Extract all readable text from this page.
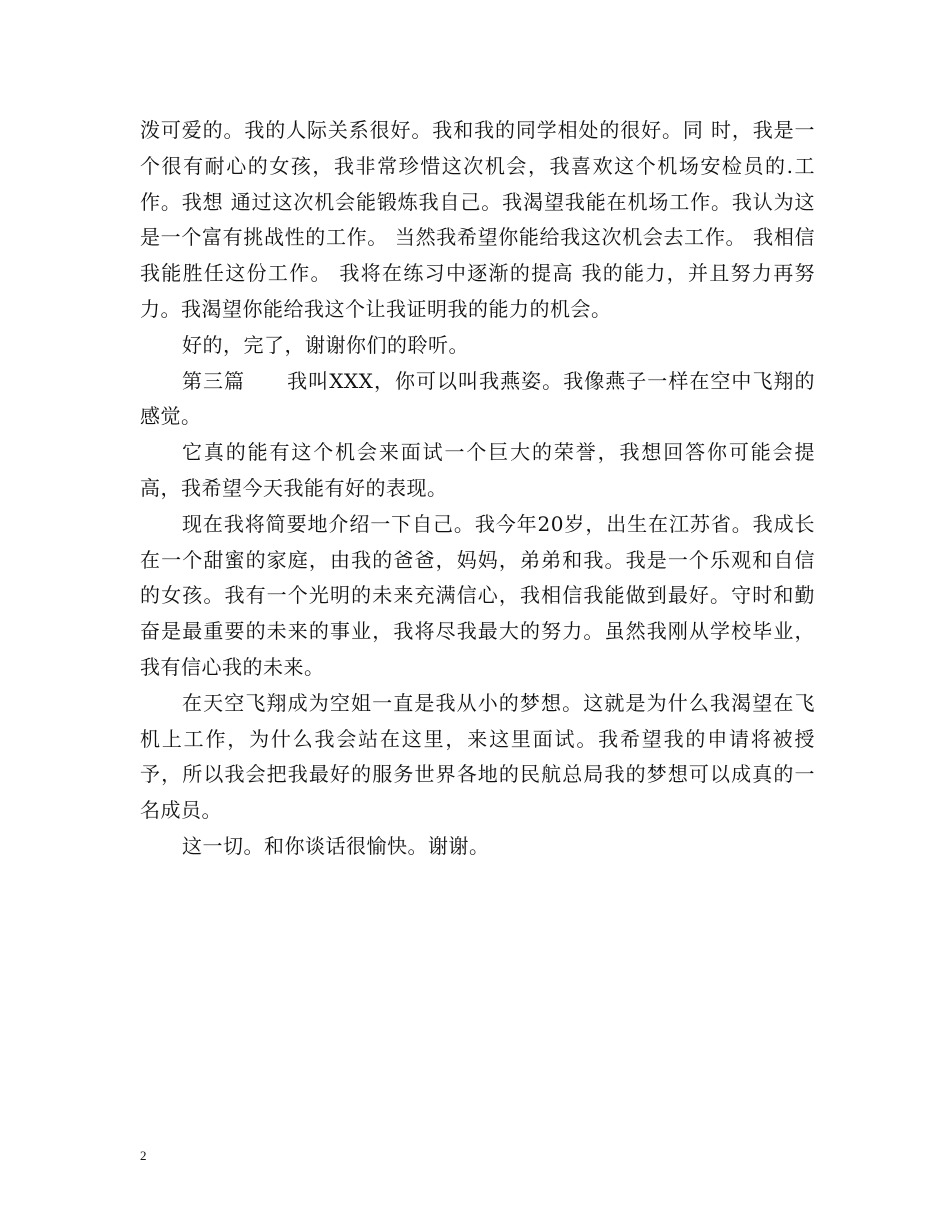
泼可爱的。我的人际关系很好。我和我的同学相处的很好。同 时，我是一个很有耐心的女孩，我非常珍惜这次机会，我喜欢这个机场安检员的.工作。我想 通过这次机会能锻炼我自己。我渴望我能在机场工作。我认为这是一个富有挑战性的工作。 当然我希望你能给我这次机会去工作。 我相信我能胜任这份工作。 我将在练习中逐渐的提高 我的能力，并且努力再努力。我渴望你能给我这个让我证明我的能力的机会。

好的，完了，谢谢你们的聆听。

第三篇　　我叫XXX，你可以叫我燕姿。我像燕子一样在空中飞翔的感觉。

它真的能有这个机会来面试一个巨大的荣誉，我想回答你可能会提高，我希望今天我能有好的表现。

现在我将简要地介绍一下自己。我今年20岁，出生在江苏省。我成长在一个甜蜜的家庭，由我的爸爸，妈妈，弟弟和我。我是一个乐观和自信的女孩。我有一个光明的未来充满信心，我相信我能做到最好。守时和勤奋是最重要的未来的事业，我将尽我最大的努力。虽然我刚从学校毕业，我有信心我的未来。

在天空飞翔成为空姐一直是我从小的梦想。这就是为什么我渴望在飞机上工作，为什么我会站在这里，来这里面试。我希望我的申请将被授予，所以我会把我最好的服务世界各地的民航总局我的梦想可以成真的一名成员。

这一切。和你谈话很愉快。谢谢。

2
